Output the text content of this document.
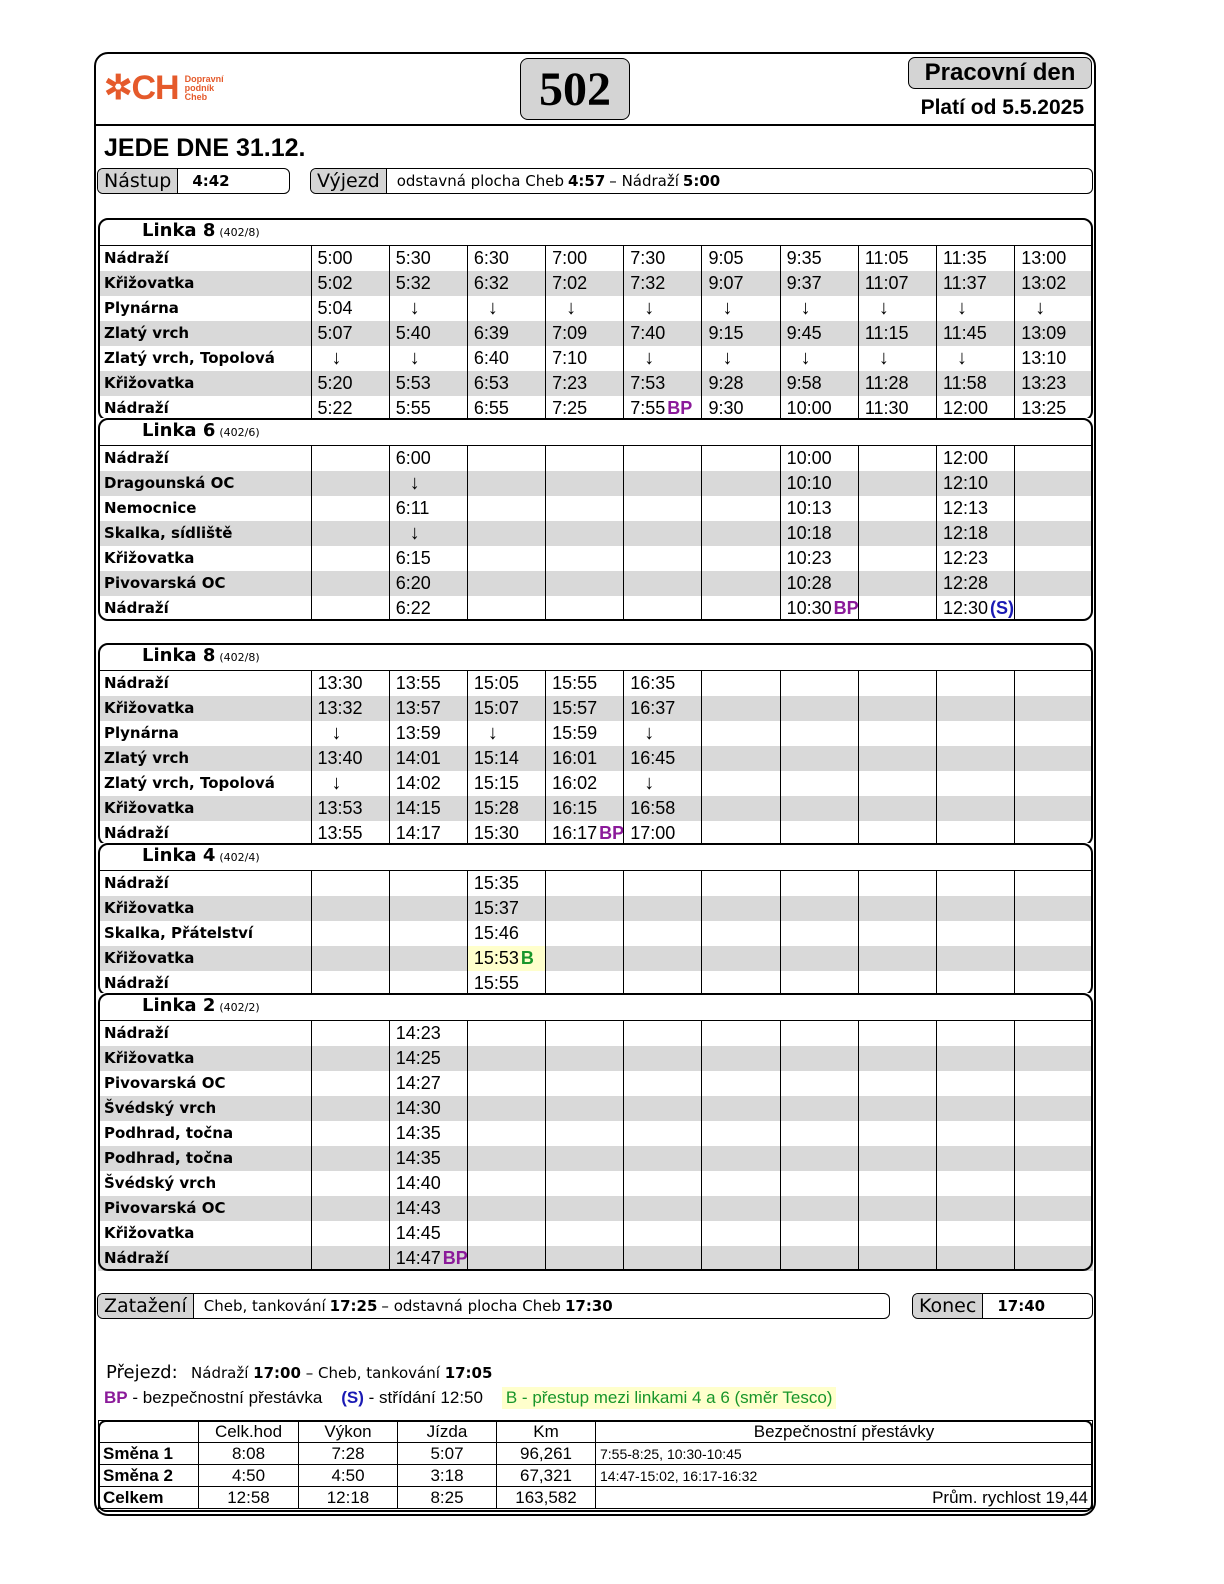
✲CH Dopravní
podník
Cheb	502	Pracovní den
Platí od 5.5.2025
JEDE DNE 31.12.
Nástup	4:42	Výjezd	odstavná plocha Cheb 4:57 –
Nádraží 5:00
Linka 8 (402/8)										
Nádraží	5:00	5:30	6:30	7:00	7:30	9:05	9:35	11:05	11:35	13:00
Křižovatka	5:02	5:32	6:32	7:02	7:32	9:07	9:37	11:07	11:37	13:02
Plynárna	5:04	↓	↓	↓	↓	↓	↓	↓	↓	↓
Zlatý vrch	5:07	5:40	6:39	7:09	7:40	9:15	9:45	11:15	11:45	13:09
Zlatý vrch, Topolová	↓	↓	6:40	7:10	↓	↓	↓	↓	↓	13:10
Křižovatka	5:20	5:53	6:53	7:23	7:53	9:28	9:58	11:28	11:58	13:23
Nádraží	5:22	5:55	6:55	7:25	7:55 BP	9:30	10:00	11:30	12:00	13:25
Linka 6 (402/6)										
Nádraží		6:00					10:00		12:00	
Dragounská OC		↓					10:10		12:10	
Nemocnice		6:11					10:13		12:13	
Skalka, sídliště		↓					10:18		12:18	
Křižovatka		6:15					10:23		12:23	
Pivovarská OC		6:20					10:28		12:28	
Nádraží		6:22					10:30 BP		12:30 (S)	
Linka 8 (402/8)										
Nádraží	13:30	13:55	15:05	15:55	16:35					
Křižovatka	13:32	13:57	15:07	15:57	16:37					
Plynárna	↓	13:59	↓	15:59	↓					
Zlatý vrch	13:40	14:01	15:14	16:01	16:45					
Zlatý vrch, Topolová	↓	14:02	15:15	16:02	↓					
Křižovatka	13:53	14:15	15:28	16:15	16:58					
Nádraží	13:55	14:17	15:30	16:17 BP	17:00					
Linka 4 (402/4)										
Nádraží			15:35							
Křižovatka			15:37							
Skalka, Přátelství			15:46							
Křižovatka			15:53 B							
Nádraží			15:55							
Linka 2 (402/2)										
Nádraží		14:23								
Křižovatka		14:25								
Pivovarská OC		14:27								
Švédský vrch		14:30								
Podhrad, točna		14:35								
Podhrad, točna		14:35								
Švédský vrch		14:40								
Pivovarská OC		14:43								
Křižovatka		14:45								
Nádraží		14:47 BP								
Zatažení	Cheb, tankování 17:25 –
odstavná plocha Cheb 17:30	Konec	17:40
Přejezd: Nádraží 17:00 – Cheb, tankování 17:05
BP
- bezpečnostní přestávka
(S)
- střídání 12:50
B - přestup mezi linkami 4 a 6 (směr Tesco)
	Celk.hod	Výkon	Jízda	Km	Bezpečnostní přestávky
Směna 1	8:08	7:28	5:07	96,261	7:55-8:25, 10:30-10:45
Směna 2	4:50	4:50	3:18	67,321	14:47-15:02, 16:17-16:32
Celkem	12:58	12:18	8:25	163,582	Prům. rychlost 19,44
